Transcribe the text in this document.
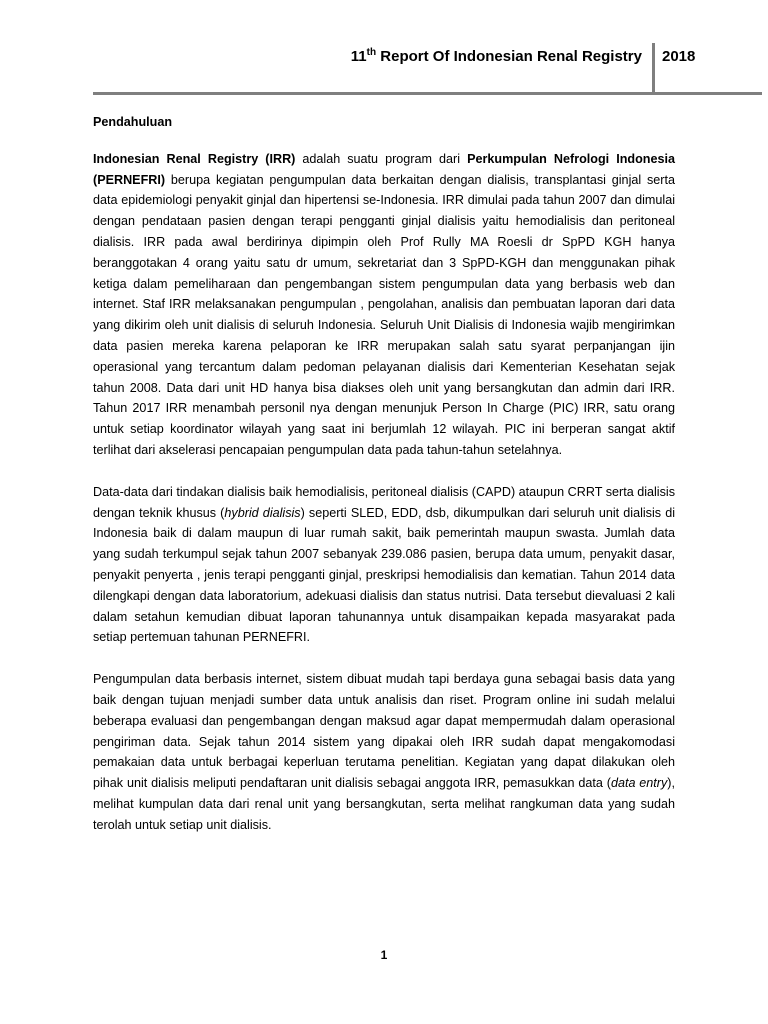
11th Report Of Indonesian Renal Registry 2018
Pendahuluan

Indonesian Renal Registry (IRR) adalah suatu program dari Perkumpulan Nefrologi Indonesia (PERNEFRI) berupa kegiatan pengumpulan data berkaitan dengan dialisis, transplantasi ginjal serta data epidemiologi penyakit ginjal dan hipertensi se-Indonesia. IRR dimulai pada tahun 2007 dan dimulai dengan pendataan pasien dengan terapi pengganti ginjal dialisis yaitu hemodialisis dan peritoneal dialisis. IRR pada awal berdirinya dipimpin oleh Prof Rully MA Roesli dr SpPD KGH hanya beranggotakan 4 orang yaitu satu dr umum, sekretariat dan 3 SpPD-KGH dan menggunakan pihak ketiga dalam pemeliharaan dan pengembangan sistem pengumpulan data yang berbasis web dan internet. Staf IRR melaksanakan pengumpulan , pengolahan, analisis dan pembuatan laporan dari data yang dikirim oleh unit dialisis di seluruh Indonesia. Seluruh Unit Dialisis di Indonesia wajib mengirimkan data pasien mereka karena pelaporan ke IRR merupakan salah satu syarat perpanjangan ijin operasional yang tercantum dalam pedoman pelayanan dialisis dari Kementerian Kesehatan sejak tahun 2008. Data dari unit HD hanya bisa diakses oleh unit yang bersangkutan dan admin dari IRR. Tahun 2017 IRR menambah personil nya dengan menunjuk Person In Charge (PIC) IRR, satu orang untuk setiap koordinator wilayah yang saat ini berjumlah 12 wilayah. PIC ini berperan sangat aktif terlihat dari akselerasi pencapaian pengumpulan data pada tahun-tahun setelahnya.

Data-data dari tindakan dialisis baik hemodialisis, peritoneal dialisis (CAPD) ataupun CRRT serta dialisis dengan teknik khusus (hybrid dialisis) seperti SLED, EDD, dsb, dikumpulkan dari seluruh unit dialisis di Indonesia baik di dalam maupun di luar rumah sakit, baik pemerintah maupun swasta. Jumlah data yang sudah terkumpul sejak tahun 2007 sebanyak 239.086 pasien, berupa data umum, penyakit dasar, penyakit penyerta , jenis terapi pengganti ginjal, preskripsi hemodialisis dan kematian. Tahun 2014 data dilengkapi dengan data laboratorium, adekuasi dialisis dan status nutrisi. Data tersebut dievaluasi 2 kali dalam setahun kemudian dibuat laporan tahunannya untuk disampaikan kepada masyarakat pada setiap pertemuan tahunan PERNEFRI.

Pengumpulan data berbasis internet, sistem dibuat mudah tapi berdaya guna sebagai basis data yang baik dengan tujuan menjadi sumber data untuk analisis dan riset. Program online ini sudah melalui beberapa evaluasi dan pengembangan dengan maksud agar dapat mempermudah dalam operasional pengiriman data. Sejak tahun 2014 sistem yang dipakai oleh IRR sudah dapat mengakomodasi pemakaian data untuk berbagai keperluan terutama penelitian. Kegiatan yang dapat dilakukan oleh pihak unit dialisis meliputi pendaftaran unit dialisis sebagai anggota IRR, pemasukkan data (data entry), melihat kumpulan data dari renal unit yang bersangkutan, serta melihat rangkuman data yang sudah terolah untuk setiap unit dialisis.

1
